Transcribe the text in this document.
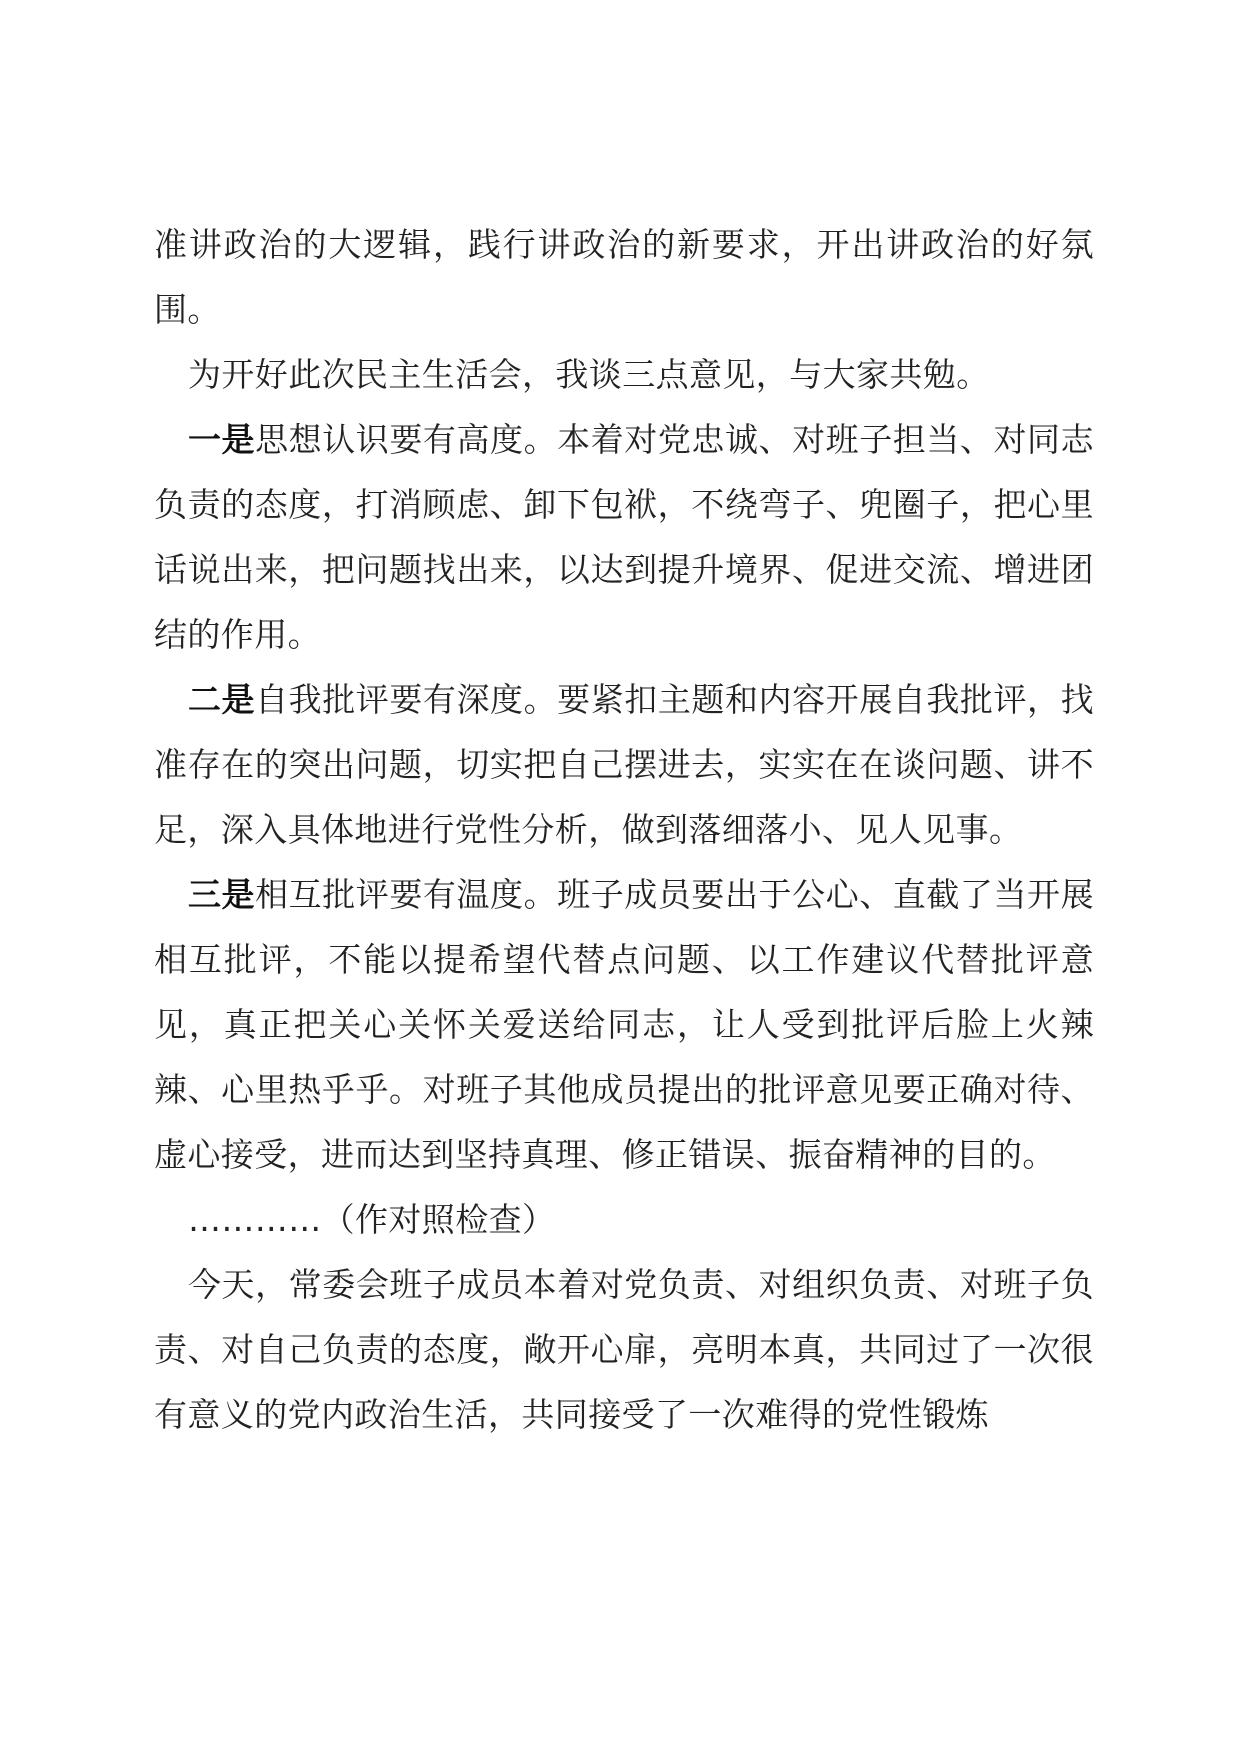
准讲政治的大逻辑，践行讲政治的新要求，开出讲政治的好氛围。

为开好此次民主生活会，我谈三点意见，与大家共勉。

一是思想认识要有高度。本着对党忠诚、对班子担当、对同志负责的态度，打消顾虑、卸下包袱，不绕弯子、兜圈子，把心里话说出来，把问题找出来，以达到提升境界、促进交流、增进团结的作用。

二是自我批评要有深度。要紧扣主题和内容开展自我批评，找准存在的突出问题，切实把自己摆进去，实实在在谈问题、讲不足，深入具体地进行党性分析，做到落细落小、见人见事。

三是相互批评要有温度。班子成员要出于公心、直截了当开展相互批评，不能以提希望代替点问题、以工作建议代替批评意见，真正把关心关怀关爱送给同志，让人受到批评后脸上火辣辣、心里热乎乎。对班子其他成员提出的批评意见要正确对待、虚心接受，进而达到坚持真理、修正错误、振奋精神的目的。

…………（作对照检查）

今天，常委会班子成员本着对党负责、对组织负责、对班子负责、对自己负责的态度，敞开心扉，亮明本真，共同过了一次很有意义的党内政治生活，共同接受了一次难得的党性锻炼
